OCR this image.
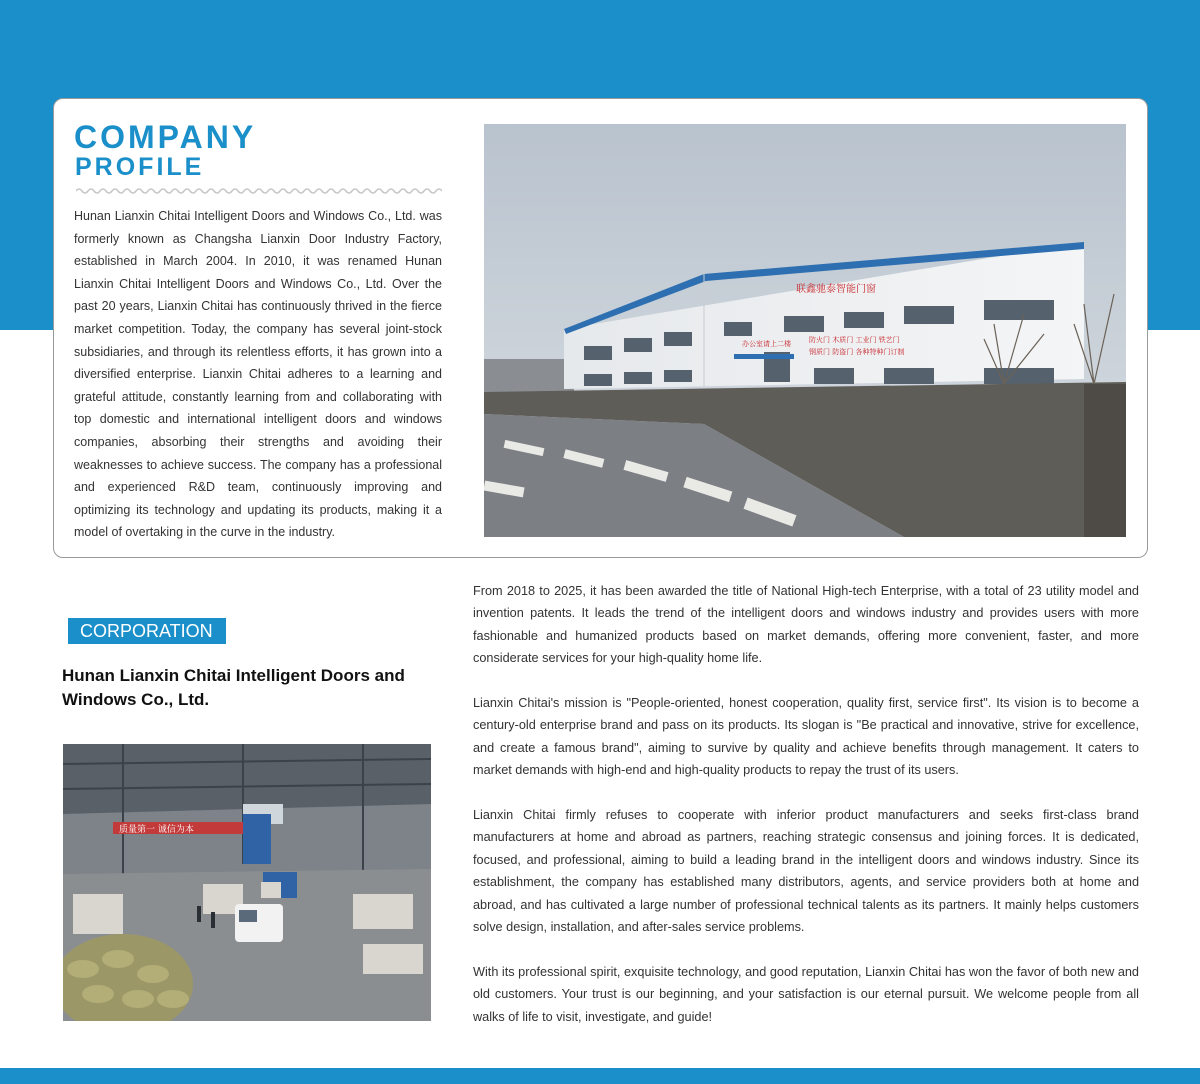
COMPANY
PROFILE
Hunan Lianxin Chitai Intelligent Doors and Windows Co., Ltd. was formerly known as Changsha Lianxin Door Industry Factory, established in March 2004. In 2010, it was renamed Hunan Lianxin Chitai Intelligent Doors and Windows Co., Ltd. Over the past 20 years, Lianxin Chitai has continuously thrived in the fierce market competition. Today, the company has several joint-stock subsidiaries, and through its relentless efforts, it has grown into a diversified enterprise. Lianxin Chitai adheres to a learning and grateful attitude, constantly learning from and collaborating with top domestic and international intelligent doors and windows companies, absorbing their strengths and avoiding their weaknesses to achieve success. The company has a professional and experienced R&D team, continuously improving and optimizing its technology and updating its products, making it a model of overtaking in the curve in the industry.
联鑫驰泰智能门窗
办公室请上二楼	防火门 木质门 工业门 铁艺门
钢质门 防盗门 各种特种门订制
CORPORATION
Hunan Lianxin Chitai Intelligent Doors and Windows Co., Ltd.
质量第一 诚信为本

From 2018 to 2025, it has been awarded the title of National High-tech Enterprise, with a total of 23 utility model and invention patents. It leads the trend of the intelligent doors and windows industry and provides users with more fashionable and humanized products based on market demands, offering more convenient, faster, and more considerate services for your high-quality home life.

Lianxin Chitai's mission is "People-oriented, honest cooperation, quality first, service first". Its vision is to become a century-old enterprise brand and pass on its products. Its slogan is "Be practical and innovative, strive for excellence, and create a famous brand", aiming to survive by quality and achieve benefits through management. It caters to market demands with high-end and high-quality products to repay the trust of its users.

Lianxin Chitai firmly refuses to cooperate with inferior product manufacturers and seeks first-class brand manufacturers at home and abroad as partners, reaching strategic consensus and joining forces. It is dedicated, focused, and professional, aiming to build a leading brand in the intelligent doors and windows industry. Since its establishment, the company has established many distributors, agents, and service providers both at home and abroad, and has cultivated a large number of professional technical talents as its partners. It mainly helps customers solve design, installation, and after-sales service problems.

With its professional spirit, exquisite technology, and good reputation, Lianxin Chitai has won the favor of both new and old customers. Your trust is our beginning, and your satisfaction is our eternal pursuit. We welcome people from all walks of life to visit, investigate, and guide!
